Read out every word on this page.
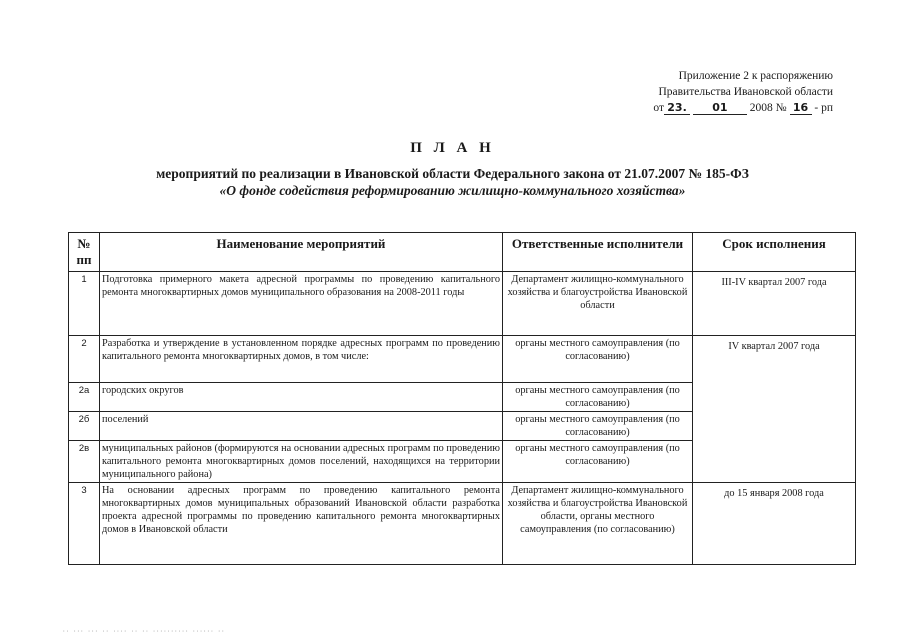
Приложение 2 к распоряжению
Правительства Ивановской области
от 23. 01 2008 № 16 - рп
П Л А Н
мероприятий по реализации в Ивановской области Федерального закона от 21.07.2007 № 185-ФЗ
«О фонде содействия реформированию жилищно-коммунального хозяйства»
№ пп	Наименование мероприятий	Ответственные исполнители	Срок исполнения
1	Подготовка примерного макета адресной программы по проведению капитального ремонта многоквартирных домов муниципального образования на 2008-2011 годы	Департамент жилищно-коммунального хозяйства и благоустройства Ивановской области	III-IV квартал 2007 года
2	Разработка и утверждение в установленном порядке адресных программ по проведению капитального ремонта многоквартирных домов, в том числе:	органы местного самоуправления (по согласованию)	IV квартал 2007 года
2а	городских округов	органы местного самоуправления (по согласованию)	
2б	поселений	органы местного самоуправления (по согласованию)	
2в	муниципальных районов (формируются на основании адресных программ по проведению капитального ремонта многоквартирных домов поселений, находящихся на территории муниципального района)	органы местного самоуправления (по согласованию)	
3	На основании адресных программ по проведению капитального ремонта многоквартирных домов муниципальных образований Ивановской области разработка проекта адресной программы по проведению капитального ремонта многоквартирных домов в Ивановской области	Департамент жилищно-коммунального хозяйства и благоустройства Ивановской области, органы местного самоуправления (по согласованию)	до 15 января 2008 года
·· ··· ··· ·· ···· ·· ·· ·········· ······ ··
